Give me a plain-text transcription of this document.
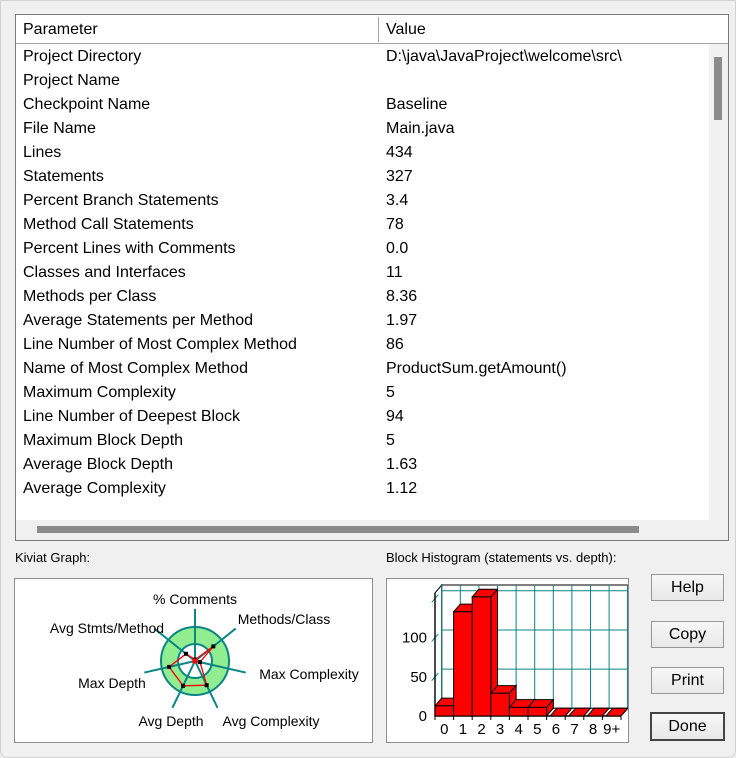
Parameter	Value
Project Directory	D:\java\JavaProject\welcome\src\
Project Name
Checkpoint Name	Baseline
File Name	Main.java
Lines	434
Statements	327
Percent Branch Statements	3.4
Method Call Statements	78
Percent Lines with Comments	0.0
Classes and Interfaces	11
Methods per Class	8.36
Average Statements per Method	1.97
Line Number of Most Complex Method	86
Name of Most Complex Method	ProductSum.getAmount()
Maximum Complexity	5
Line Number of Deepest Block	94
Maximum Block Depth	5
Average Block Depth	1.63
Average Complexity	1.12
Kiviat Graph:	Block Histogram (statements vs. depth):
% Comments
Methods/Class
Avg Stmts/Method
Max Complexity
Max Depth
Avg Depth Avg Complexity	0
50
100
0 1 2 3 4 5 6 7 8 9+
Help
Copy
Print
Done
